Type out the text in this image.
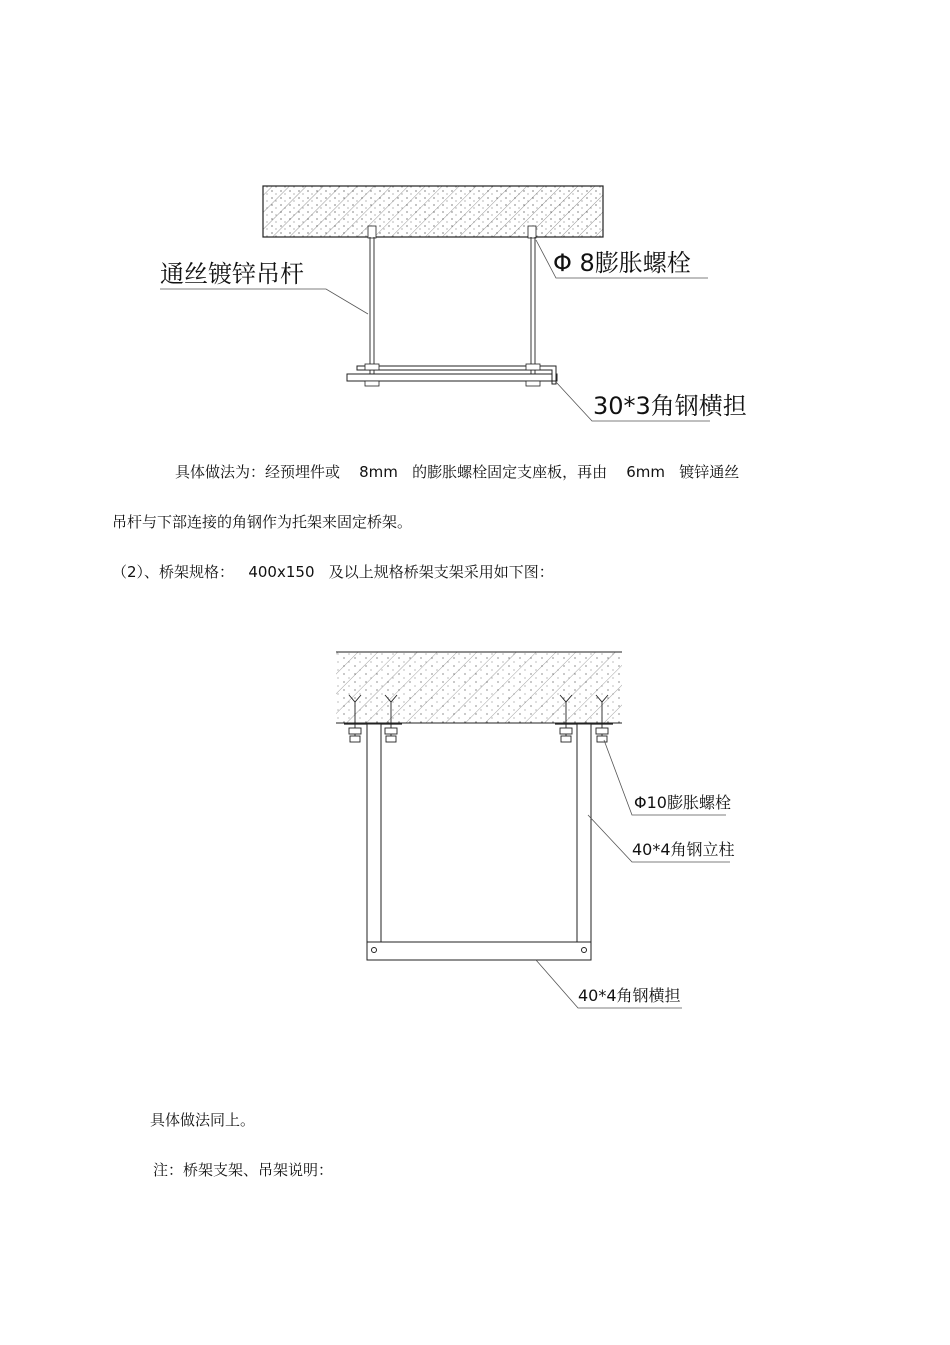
通丝镀锌吊杆	Φ 8膨胀螺栓
30*3角钢横担
具体做法为：经预埋件或    8mm   的膨胀螺栓固定支座板，再由    6mm   镀锌通丝
吊杆与下部连接的角钢作为托架来固定桥架。
（2）、桥架规格：   400x150   及以上规格桥架支架采用如下图：
Φ10膨胀螺栓
40*4角钢立柱
40*4角钢横担
具体做法同上。
注：桥架支架、吊架说明：
